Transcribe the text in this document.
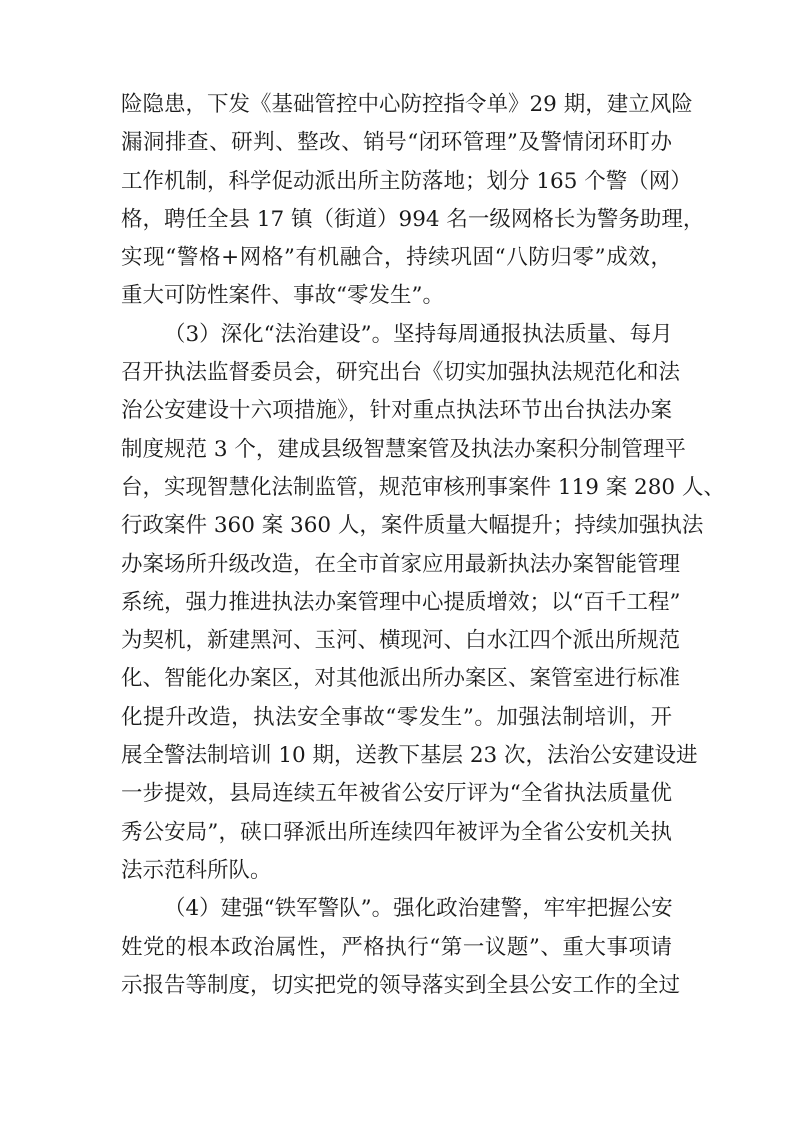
险隐患，下发《基础管控中心防控指令单》29 期，建立风险
漏洞排查、研判、整改、销号“闭环管理”及警情闭环盯办
工作机制，科学促动派出所主防落地；划分 165 个警（网）
格，聘任全县 17 镇（街道）994 名一级网格长为警务助理，
实现“警格+网格”有机融合，持续巩固“八防归零”成效，
重大可防性案件、事故“零发生”。
（3）深化“法治建设”。坚持每周通报执法质量、每月
召开执法监督委员会，研究出台《切实加强执法规范化和法
治公安建设十六项措施》，针对重点执法环节出台执法办案
制度规范 3 个，建成县级智慧案管及执法办案积分制管理平
台，实现智慧化法制监管，规范审核刑事案件 119 案 280 人、
行政案件 360 案 360 人，案件质量大幅提升；持续加强执法
办案场所升级改造，在全市首家应用最新执法办案智能管理
系统，强力推进执法办案管理中心提质增效；以“百千工程”
为契机，新建黑河、玉河、横现河、白水江四个派出所规范
化、智能化办案区，对其他派出所办案区、案管室进行标准
化提升改造，执法安全事故“零发生”。加强法制培训，开
展全警法制培训 10 期，送教下基层 23 次，法治公安建设进
一步提效，县局连续五年被省公安厅评为“全省执法质量优
秀公安局”，硖口驿派出所连续四年被评为全省公安机关执
法示范科所队。
（4）建强“铁军警队”。强化政治建警，牢牢把握公安
姓党的根本政治属性，严格执行“第一议题”、重大事项请
示报告等制度，切实把党的领导落实到全县公安工作的全过
